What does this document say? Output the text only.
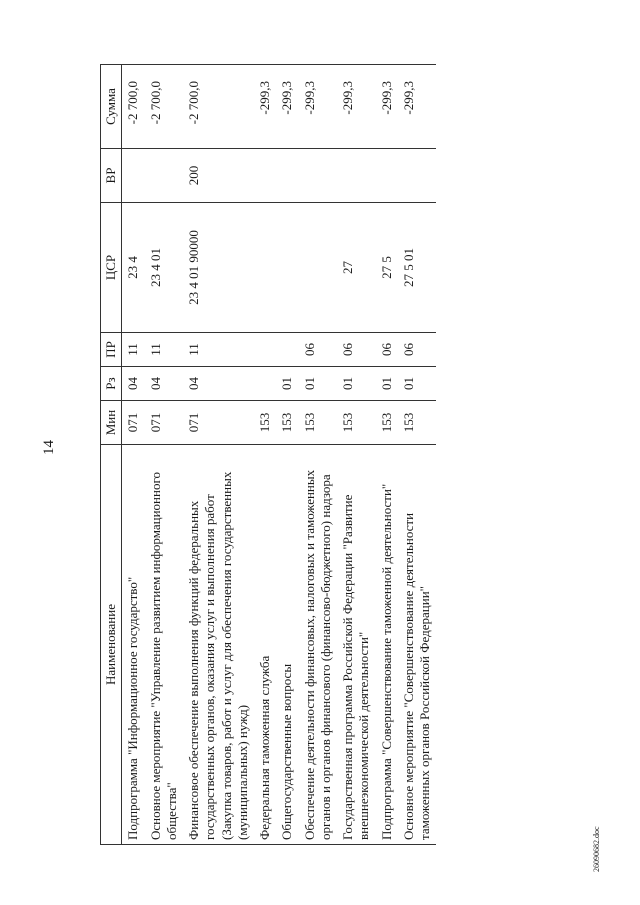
14
Наименование	Мин	Рз	ПР	ЦСР	ВР	Сумма
Подпрограмма "Информационное государство"	071	04	11	23 4		-2 700,0
Основное мероприятие "Управление развитием информационного общества"	071	04	11	23 4 01		-2 700,0
Финансовое обеспечение выполнения функций федеральных государственных органов, оказания услуг и выполнения работ (Закупка товаров, работ и услуг для обеспечения государственных (муниципальных) нужд)	071	04	11	23 4 01 90000	200	-2 700,0
Федеральная таможенная служба	153					-299,3
Общегосударственные вопросы	153	01				-299,3
Обеспечение деятельности финансовых, налоговых и таможенных органов и органов финансового (финансово-бюджетного) надзора	153	01	06			-299,3
Государственная программа Российской Федерации "Развитие внешнеэкономической деятельности"	153	01	06	27		-299,3
Подпрограмма "Совершенствование таможенной деятельности"	153	01	06	27 5		-299,3
Основное мероприятие "Совершенствование деятельности таможенных органов Российской Федерации"	153	01	06	27 5 01		-299,3
26090682.doc
